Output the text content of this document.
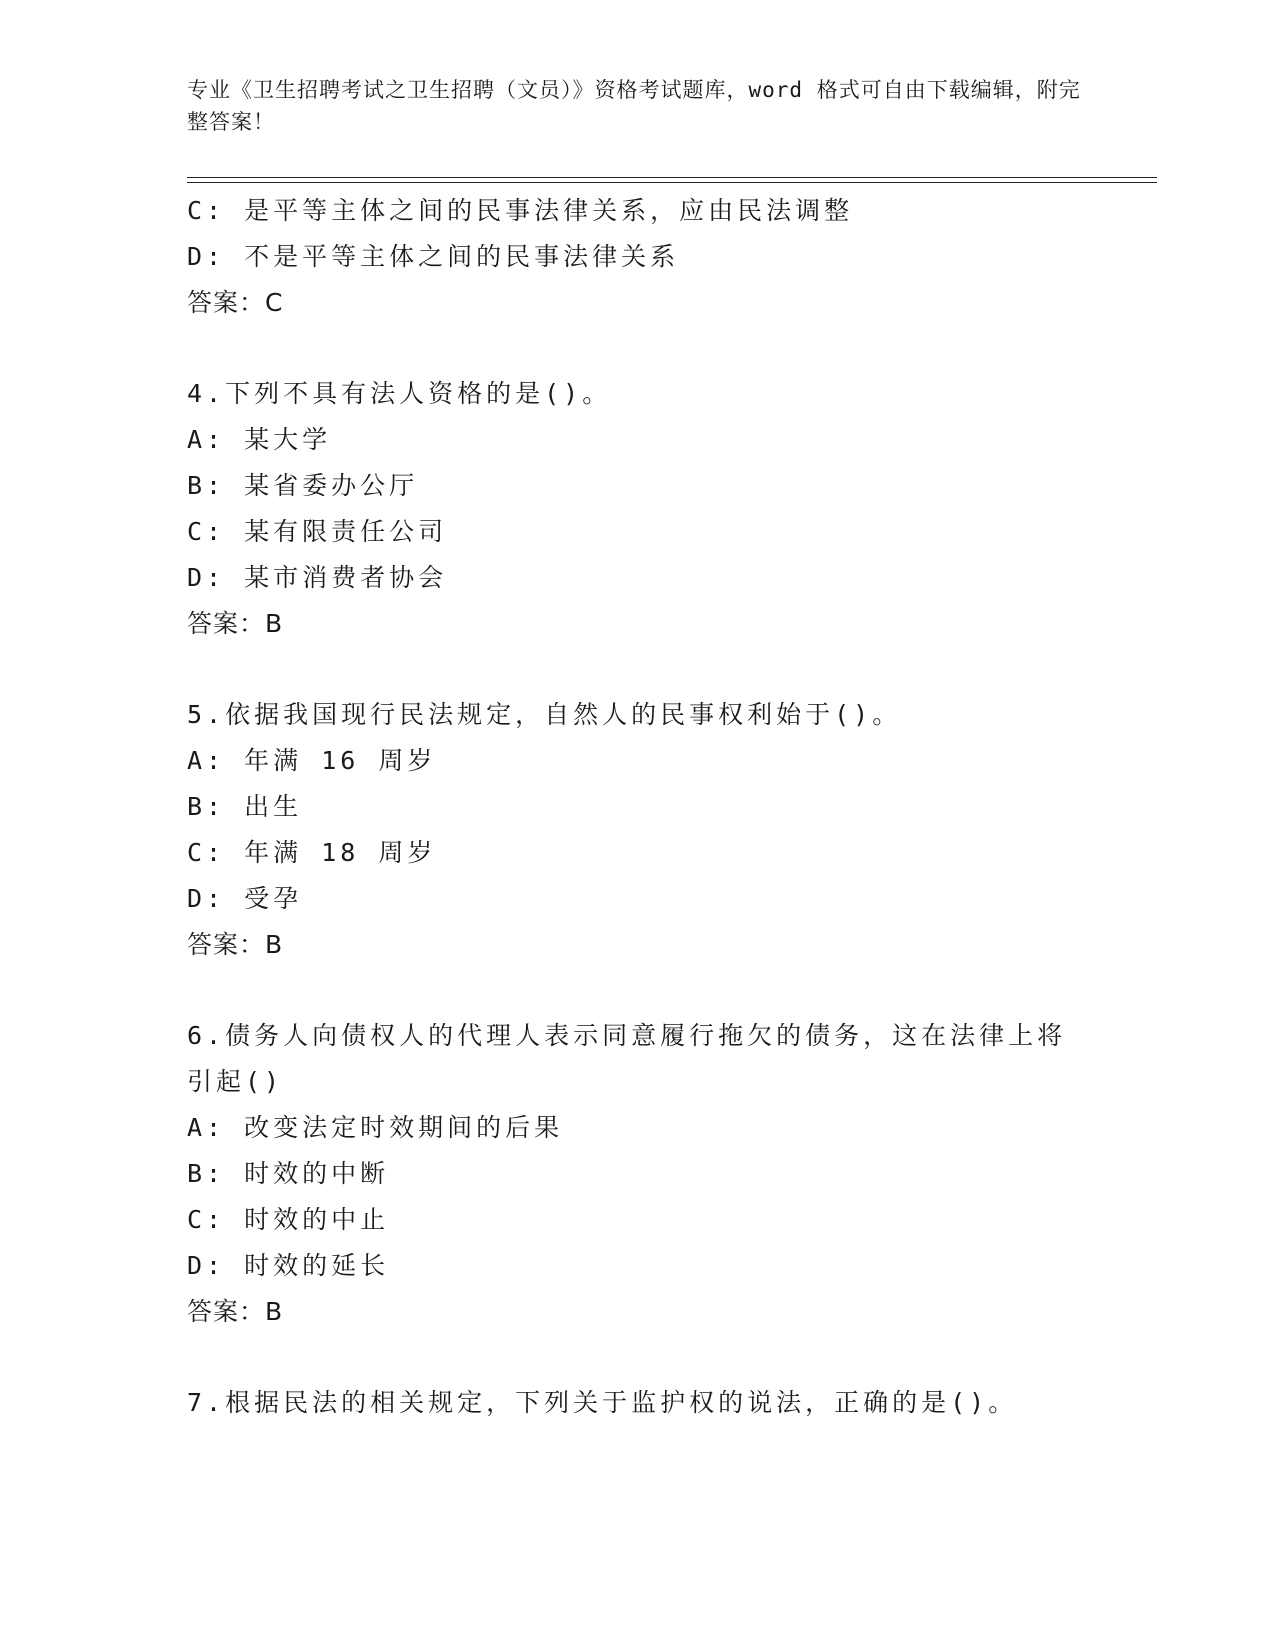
专业《卫生招聘考试之卫生招聘（文员）》资格考试题库，word 格式可自由下载编辑，附完整答案！
C: 是平等主体之间的民事法律关系，应由民法调整
D: 不是平等主体之间的民事法律关系
答案：C
4.下列不具有法人资格的是()。
A: 某大学
B: 某省委办公厅
C: 某有限责任公司
D: 某市消费者协会
答案：B
5.依据我国现行民法规定，自然人的民事权利始于()。
A: 年满 16 周岁
B: 出生
C: 年满 18 周岁
D: 受孕
答案：B
6.债务人向债权人的代理人表示同意履行拖欠的债务，这在法律上将引起()
A: 改变法定时效期间的后果
B: 时效的中断
C: 时效的中止
D: 时效的延长
答案：B
7.根据民法的相关规定，下列关于监护权的说法，正确的是()。
